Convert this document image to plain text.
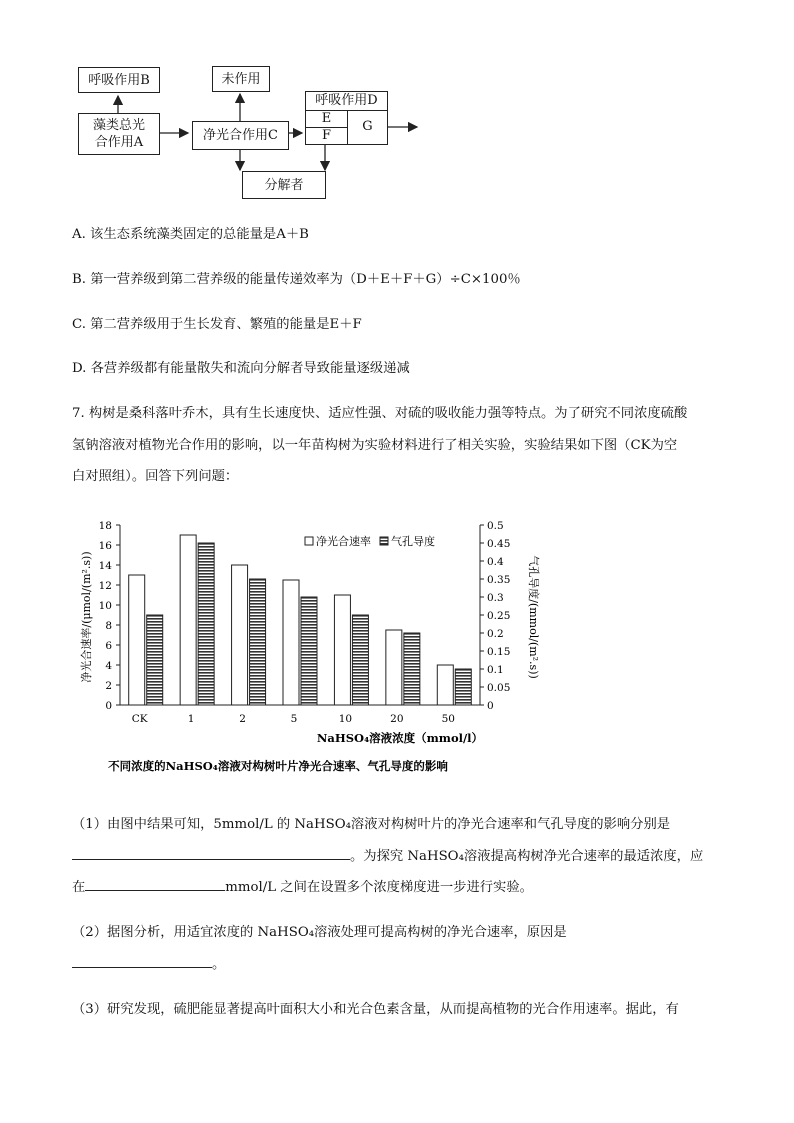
呼吸作用B
藻类总光
合作用A
未作用
净光合作用C
呼吸作用D
E
F
G
分解者
A. 该生态系统藻类固定的总能量是A＋B
B. 第一营养级到第二营养级的能量传递效率为（D＋E＋F＋G）÷C×100％
C. 第二营养级用于生长发育、繁殖的能量是E＋F
D. 各营养级都有能量散失和流向分解者导致能量逐级递减
7. 构树是桑科落叶乔木，具有生长速度快、适应性强、对硫的吸收能力强等特点。为了研究不同浓度硫酸
氢钠溶液对植物光合作用的影响，以一年苗构树为实验材料进行了相关实验，实验结果如下图（CK为空
白对照组）。回答下列问题：
0
2
4
6
8
10
12
14
16
18
0
0.05
0.1
0.15
0.2
0.25
0.3
0.35
0.4
0.45
0.5
CK	1	2	5	10	20	50
净光合速率/(μmol/(m².s))	气孔导度/(mmol/(m².s))
NaHSO₄溶液浓度（mmol/l）
净光合速率 气孔导度
不同浓度的NaHSO₄溶液对构树叶片净光合速率、气孔导度的影响
（1）由图中结果可知，5mmol/L 的 NaHSO₄溶液对构树叶片的净光合速率和气孔导度的影响分别是
。为探究 NaHSO₄溶液提高构树净光合速率的最适浓度，应
在	mmol/L 之间在设置多个浓度梯度进一步进行实验。
（2）据图分析，用适宜浓度的 NaHSO₄溶液处理可提高构树的净光合速率，原因是
。
（3）研究发现，硫肥能显著提高叶面积大小和光合色素含量，从而提高植物的光合作用速率。据此，有
